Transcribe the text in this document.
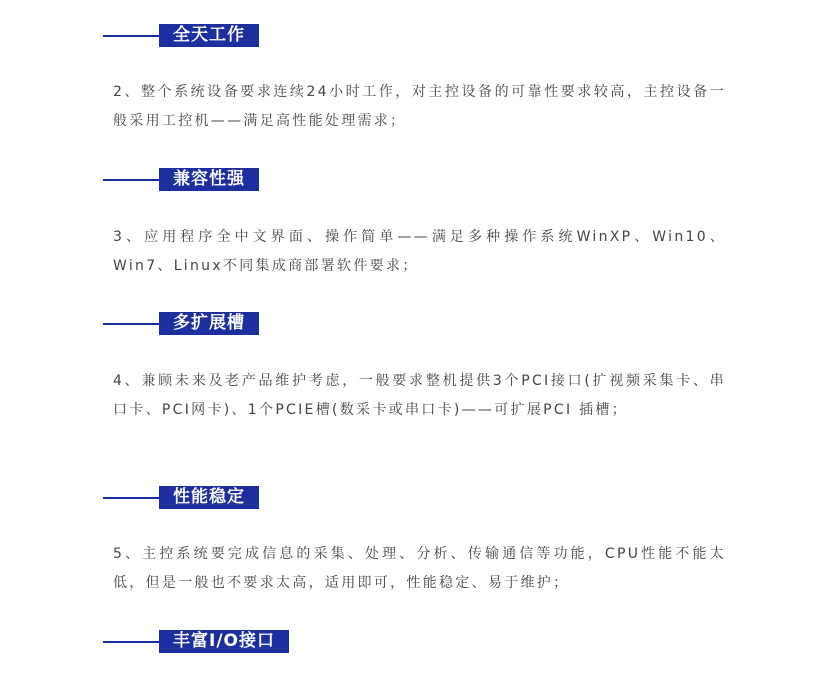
全天工作

2、整个系统设备要求连续24小时工作，对主控设备的可靠性要求较高，主控设备一般采用工控机——满足高性能处理需求；

兼容性强

3、应用程序全中文界面、操作简单——满足多种操作系统WinXP、Win10、Win7、Linux不同集成商部署软件要求；

多扩展槽

4、兼顾未来及老产品维护考虑，一般要求整机提供3个PCI接口(扩视频采集卡、串口卡、PCI网卡)、1个PCIE槽(数采卡或串口卡)——可扩展PCI 插槽；

性能稳定

5、主控系统要完成信息的采集、处理、分析、传输通信等功能，CPU性能不能太低，但是一般也不要求太高，适用即可，性能稳定、易于维护；

丰富I/O接口
